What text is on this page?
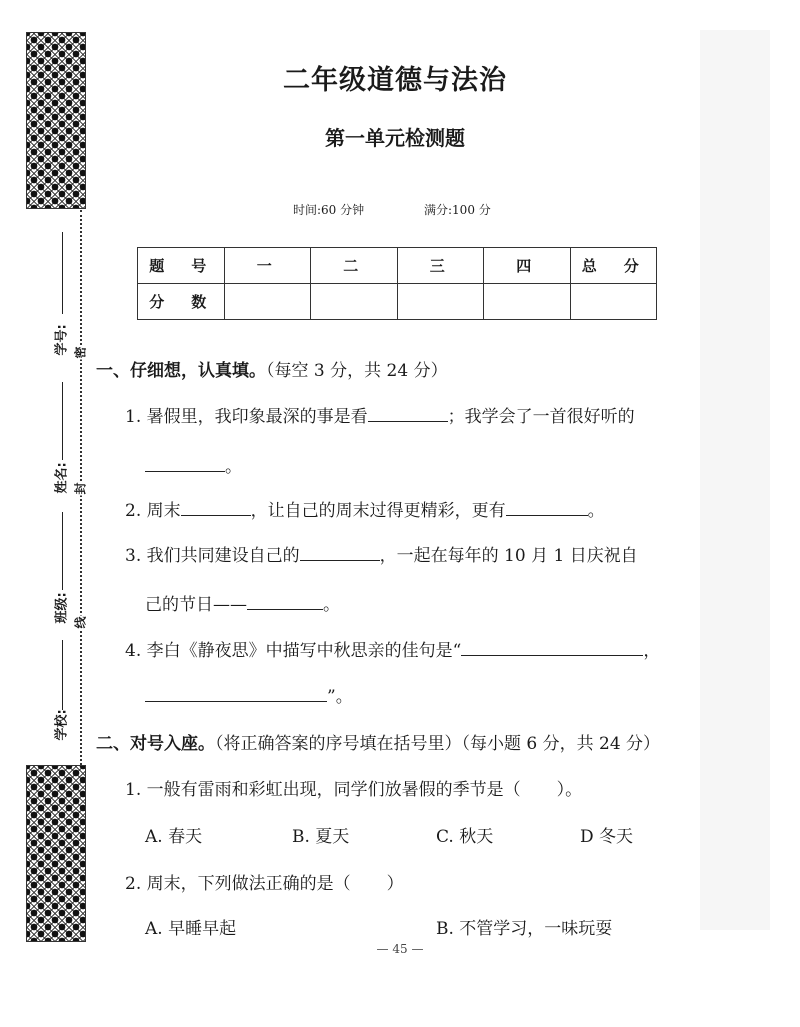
学号:
姓名:
班级:
学校:
密
封
线
二年级道德与法治
第一单元检测题
时间:60 分钟	满分:100 分
题　号	一	二	三	四	总　分
分　数					
一、仔细想，认真填。（每空 3 分，共 24 分）
1. 暑假里，我印象最深的事是看	；我学会了一首很好听的
。
2. 周末	，让自己的周末过得更精彩，更有	。
3. 我们共同建设自己的	，一起在每年的 10 月 1 日庆祝自
己的节日——	。
4. 李白《静夜思》中描写中秋思亲的佳句是“	，
”。
二、对号入座。（将正确答案的序号填在括号里）（每小题 6 分，共 24 分）
1. 一般有雷雨和彩虹出现，同学们放暑假的季节是（ ）。
A. 春天	B. 夏天	C. 秋天	D 冬天
2. 周末，下列做法正确的是（ ）
A. 早睡早起	B. 不管学习，一味玩耍
— 45 —
